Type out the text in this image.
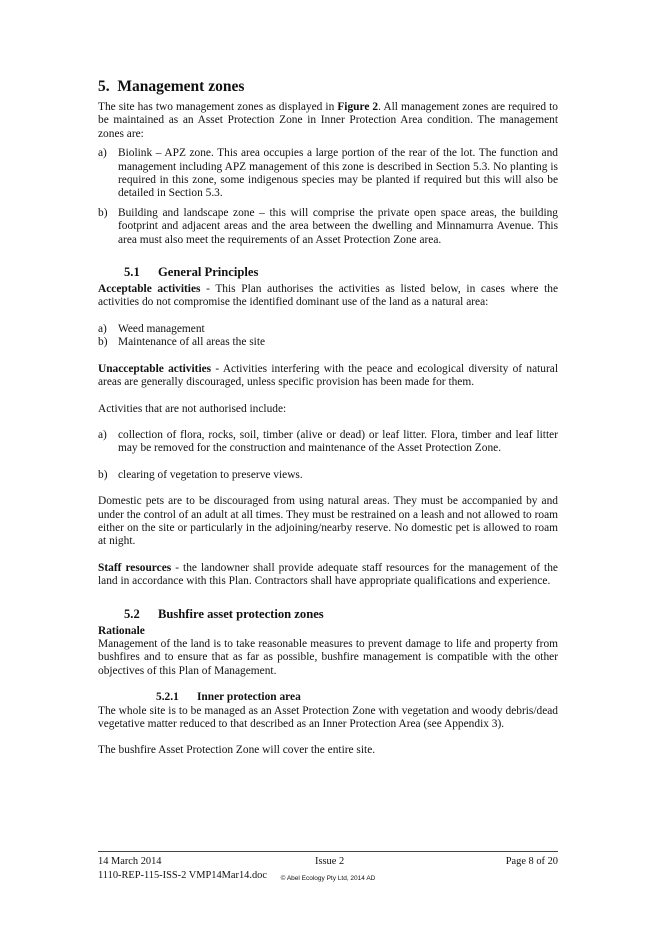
5. Management zones

The site has two management zones as displayed in Figure 2. All management zones are required to be maintained as an Asset Protection Zone in Inner Protection Area condition. The management zones are:

a) Biolink – APZ zone. This area occupies a large portion of the rear of the lot. The function and management including APZ management of this zone is described in Section 5.3. No planting is required in this zone, some indigenous species may be planted if required but this will also be detailed in Section 5.3.
b) Building and landscape zone – this will comprise the private open space areas, the building footprint and adjacent areas and the area between the dwelling and Minnamurra Avenue. This area must also meet the requirements of an Asset Protection Zone area.
5.1 General Principles

Acceptable activities - This Plan authorises the activities as listed below, in cases where the activities do not compromise the identified dominant use of the land as a natural area:

a) Weed management
b) Maintenance of all areas the site

Unacceptable activities - Activities interfering with the peace and ecological diversity of natural areas are generally discouraged, unless specific provision has been made for them.

Activities that are not authorised include:

a) collection of flora, rocks, soil, timber (alive or dead) or leaf litter. Flora, timber and leaf litter may be removed for the construction and maintenance of the Asset Protection Zone.
b) clearing of vegetation to preserve views.

Domestic pets are to be discouraged from using natural areas. They must be accompanied by and under the control of an adult at all times. They must be restrained on a leash and not allowed to roam either on the site or particularly in the adjoining/nearby reserve. No domestic pet is allowed to roam at night.

Staff resources - the landowner shall provide adequate staff resources for the management of the land in accordance with this Plan. Contractors shall have appropriate qualifications and experience.

5.2 Bushfire asset protection zones

Rationale

Management of the land is to take reasonable measures to prevent damage to life and property from bushfires and to ensure that as far as possible, bushfire management is compatible with the other objectives of this Plan of Management.

5.2.1 Inner protection area

The whole site is to be managed as an Asset Protection Zone with vegetation and woody debris/dead vegetative matter reduced to that described as an Inner Protection Area (see Appendix 3).

The bushfire Asset Protection Zone will cover the entire site.

14 March 2014	Issue 2	Page 8 of 20
1110-REP-115-ISS-2 VMP14Mar14.doc	© Abel Ecology Pty Ltd, 2014 AD
